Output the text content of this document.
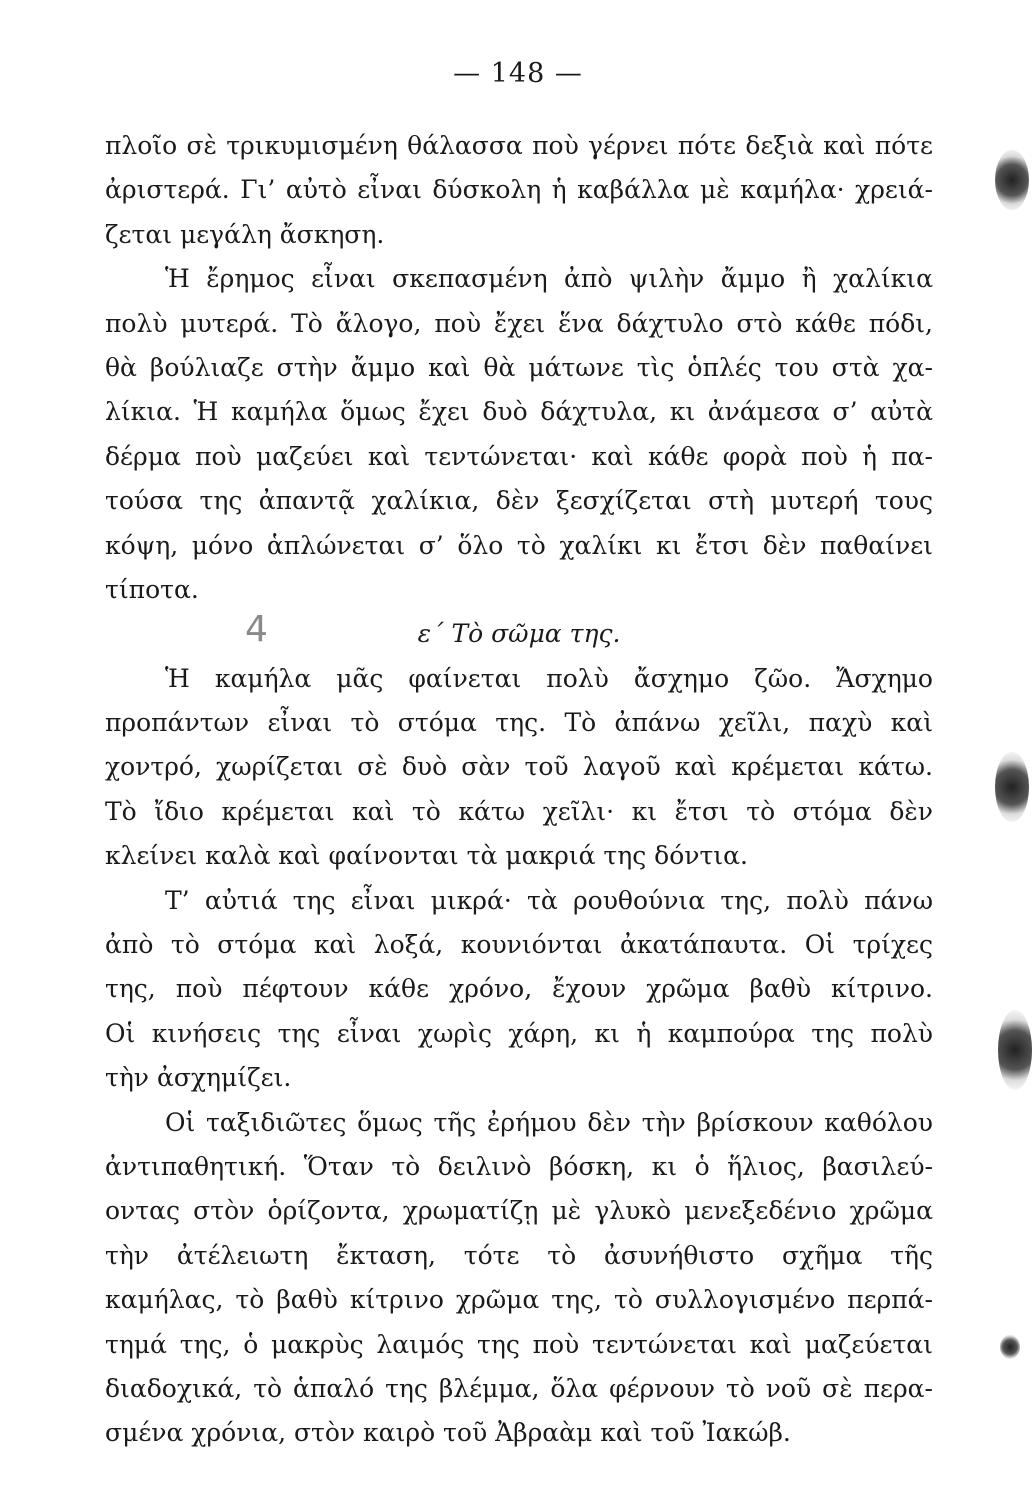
— 148 —
πλοῖο σὲ τρικυμισμένη θάλασσα ποὺ γέρνει πότε δεξιὰ καὶ πότε
ἀριστερά. Γι’ αὐτὸ εἶναι δύσκολη ἡ καβάλλα μὲ καμήλα· χρειά-
ζεται μεγάλη ἄσκηση.
Ἡ ἔρημος εἶναι σκεπασμένη ἀπὸ ψιλὴν ἄμμο ἢ χαλίκια
πολὺ μυτερά. Τὸ ἄλογο, ποὺ ἔχει ἕνα δάχτυλο στὸ κάθε πόδι,
θὰ βούλιαζε στὴν ἄμμο καὶ θὰ μάτωνε τὶς ὁπλές του στὰ χα-
λίκια. Ἡ καμήλα ὅμως ἔχει δυὸ δάχτυλα, κι ἀνάμεσα σ’ αὐτὰ
δέρμα ποὺ μαζεύει καὶ τεντώνεται· καὶ κάθε φορὰ ποὺ ἡ πα-
τούσα της ἀπαντᾷ χαλίκια, δὲν ξεσχίζεται στὴ μυτερή τους
κόψη, μόνο ἁπλώνεται σ’ ὅλο τὸ χαλίκι κι ἔτσι δὲν παθαίνει
τίποτα.
4	ε´ Τὸ σῶμα της.
Ἡ καμήλα μᾶς φαίνεται πολὺ ἄσχημο ζῶο. Ἄσχημο
προπάντων εἶναι τὸ στόμα της. Τὸ ἀπάνω χεῖλι, παχὺ καὶ
χοντρό, χωρίζεται σὲ δυὸ σὰν τοῦ λαγοῦ καὶ κρέμεται κάτω.
Τὸ ἴδιο κρέμεται καὶ τὸ κάτω χεῖλι· κι ἔτσι τὸ στόμα δὲν
κλείνει καλὰ καὶ φαίνονται τὰ μακριά της δόντια.
Τ’ αὐτιά της εἶναι μικρά· τὰ ρουθούνια της, πολὺ πάνω
ἀπὸ τὸ στόμα καὶ λοξά, κουνιόνται ἀκατάπαυτα. Οἱ τρίχες
της, ποὺ πέφτουν κάθε χρόνο, ἔχουν χρῶμα βαθὺ κίτρινο.
Οἱ κινήσεις της εἶναι χωρὶς χάρη, κι ἡ καμπούρα της πολὺ
τὴν ἀσχημίζει.
Οἱ ταξιδιῶτες ὅμως τῆς ἐρήμου δὲν τὴν βρίσκουν καθόλου
ἀντιπαθητική. Ὅταν τὸ δειλινὸ βόσκη, κι ὁ ἥλιος, βασιλεύ-
οντας στὸν ὁρίζοντα, χρωματίζῃ μὲ γλυκὸ μενεξεδένιο χρῶμα
τὴν ἀτέλειωτη ἔκταση, τότε τὸ ἀσυνήθιστο σχῆμα τῆς
καμήλας, τὸ βαθὺ κίτρινο χρῶμα της, τὸ συλλογισμένο περπά-
τημά της, ὁ μακρὺς λαιμός της ποὺ τεντώνεται καὶ μαζεύεται
διαδοχικά, τὸ ἁπαλό της βλέμμα, ὅλα φέρνουν τὸ νοῦ σὲ περα-
σμένα χρόνια, στὸν καιρὸ τοῦ Ἀβραὰμ καὶ τοῦ Ἰακώβ.
